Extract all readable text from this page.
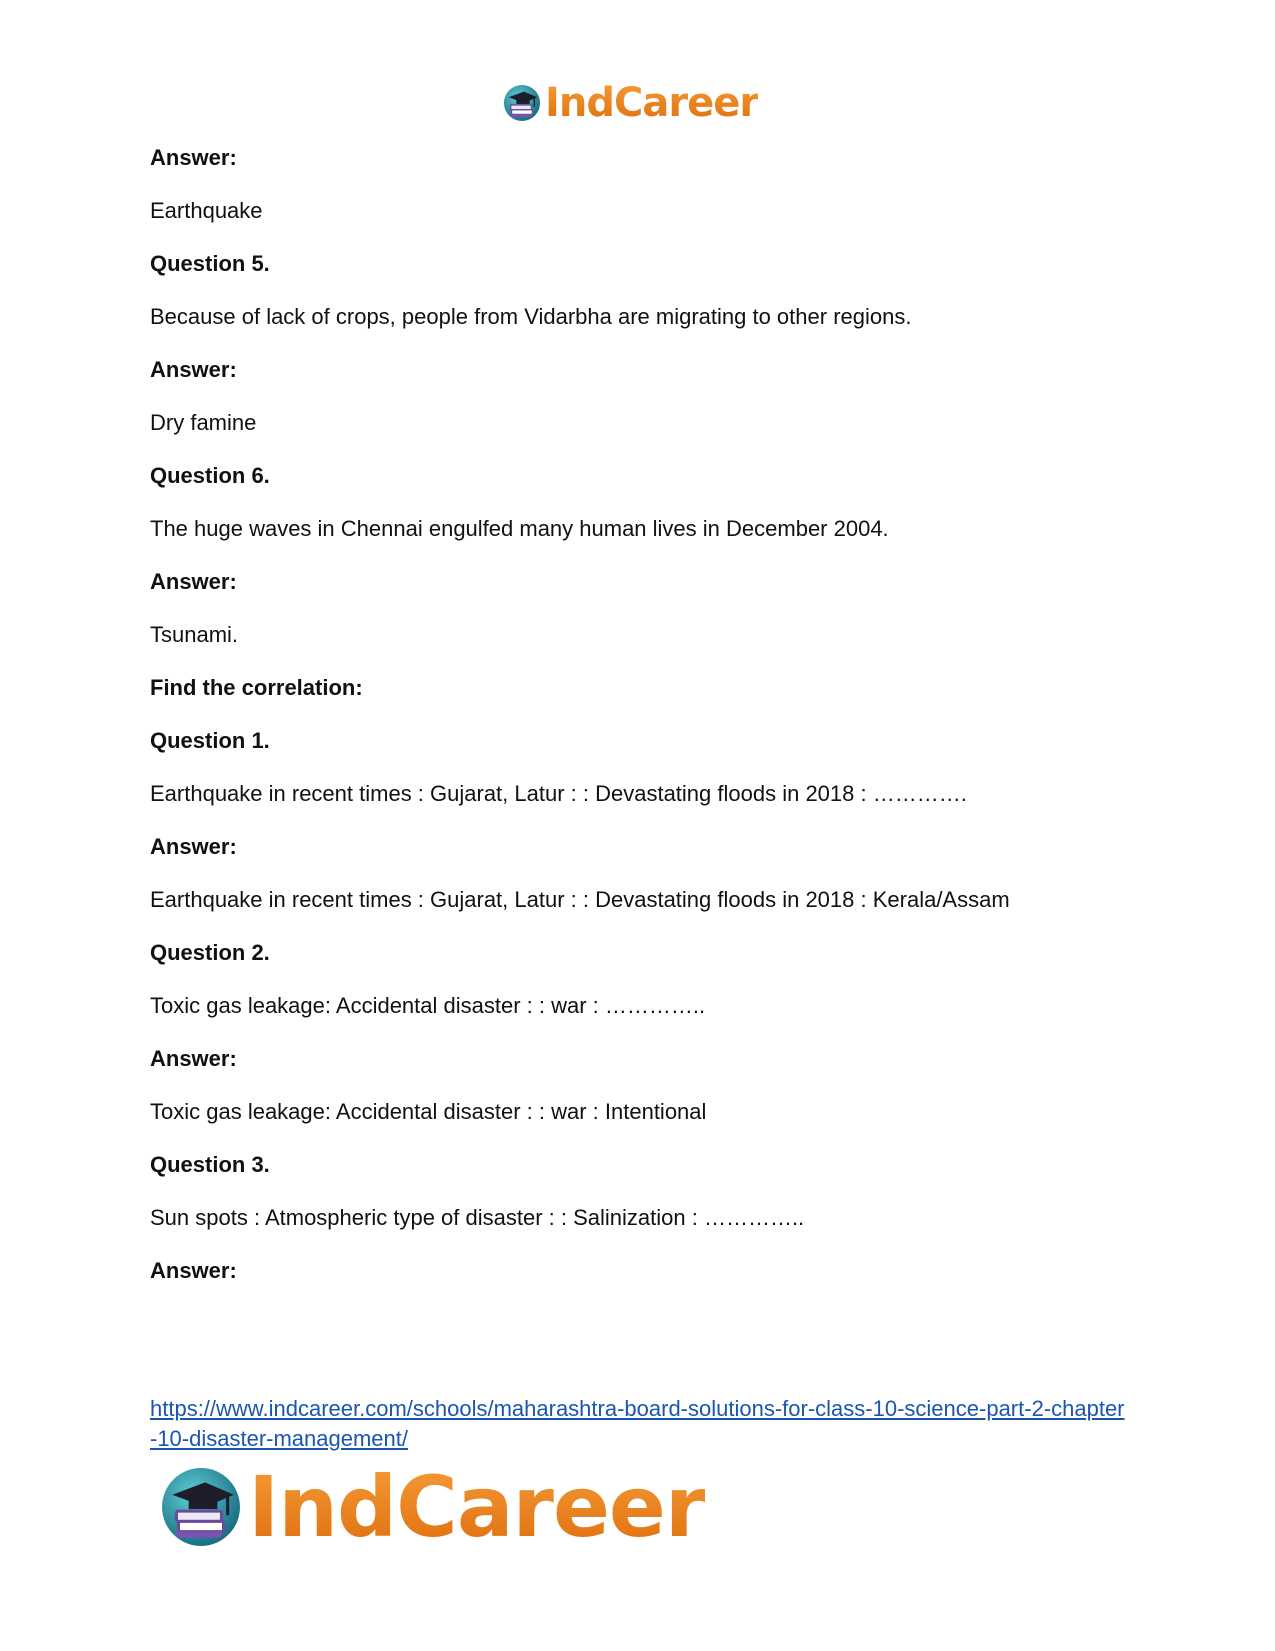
IndCareer
Answer:
Earthquake
Question 5.
Because of lack of crops, people from Vidarbha are migrating to other regions.
Answer:
Dry famine
Question 6.
The huge waves in Chennai engulfed many human lives in December 2004.
Answer:
Tsunami.
Find the correlation:
Question 1.
Earthquake in recent times : Gujarat, Latur : : Devastating floods in 2018 : ………….
Answer:
Earthquake in recent times : Gujarat, Latur : : Devastating floods in 2018 : Kerala/Assam
Question 2.
Toxic gas leakage: Accidental disaster : : war : …………..
Answer:
Toxic gas leakage: Accidental disaster : : war : Intentional
Question 3.
Sun spots : Atmospheric type of disaster : : Salinization : …………..
Answer:
https://www.indcareer.com/schools/maharashtra-board-solutions-for-class-10-science-part-2-chapter-10-disaster-management/
IndCareer
